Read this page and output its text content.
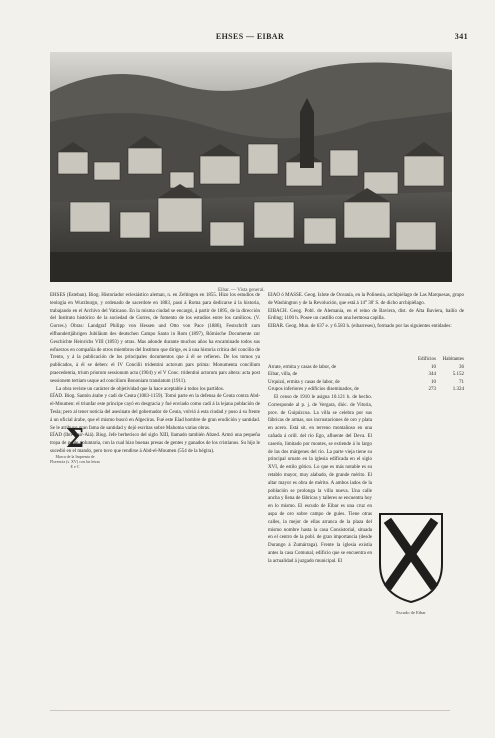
EHSES — EIBAR	341
Eibar. — Vista general.

EHSES (Esteban). Biog. Historiador eclesiástico aleman, n. en Zeltingen en 1855. Hizo los estudios de teología en Wurzburgo, y ordenado de sacerdote en 1883, pasó á Roma para dedicarse á la historia, trabajando en el Archivo del Vaticano. En la misma ciudad se encargó, á partir de 1895, de la dirección del Instituto histórico de la sociedad de Gorres, de fomento de los estudios entre los católicos. (V. Gorres.) Obras: Landgraf Philipp von Hessen und Otto von Pace (1886), Festschrift zum elfhundertjährigen Jubiläum des deutschen Campo Santo in Rom (1897), Römische Documente zur Geschichte Heinrichs VIII (1893) y otras. Mas adonde durante muchos años ha encaminado todos sus esfuerzos en compañía de otros miembros del Instituto que dirige, es á una historia crítica del concilio de Trento, y á la publicación de los principales documentos que á él se refieren. De los tomos ya publicados, á él se deben: el IV Concilii tridentini actorum pars prima: Monumenta concilium praecedentia, trium priorum sessionum acta (1904) y el V Conc. tridentini actorum pars altera: acta post sessionem tertiam usque ad concilium Bononiam translatum (1911).

La obra reviste un carácter de objetividad que la hace aceptable á todos los partidos.

EÍAD. Biog. Santón árabe y cadí de Ceuta (1083-1159). Tomó parte en la defensa de Ceuta contra Abd-el-Moumen: el triunfar este príncipe cayó en desgracia y fué enviado como cadí á la lejana población de Tesla; pero al tener noticia del asesinato del gobernador de Ceuta, volvió á esta ciudad y puso á su frente á un oficial árabe, que el mismo buscó en Algeciras. Fué este Eíad hombre de gran erudición y santidad. Se le atribuye gran fama de santidad y dejó escritas sobre Mahoma varias obras.

EÍAD (Ibn-Nasr-Aiá). Biog. Jefe berberisco del siglo XIII, llamado también Abzed. Armó una pequeña tropa de gente voluntaria, con la cual hizo buenas presas de gentes y ganados de los cristianos. Su hijo le sucedió en el mando, pero tuvo que rendirse á Abd-el-Moumen (554 de la hégira).

Σ
Marca de la Imprenta de Florencia (s. XV) con las letras E e C

EIAO ó MASSE. Geog. Islote de Oceanía, en la Polinesia, archipiélago de Las Marquesas, grupo de Washington y de la Revolución, que está á 14° 30' S. de dicho archipiélago.

EIBACH. Geog. Pobl. de Alemania, en el reino de Baviera, dist. de Alta Baviera, bailío de Erding; 1100 h. Posee un castillo con una hermosa capilla.

EIBAR. Geog. Mun. de 637 e. y 6.583 h. (eibarreses), formado por las siguientes entidades:

	Edificios	Habitantes
Arrate, ermita y casas de labor, de	10	36
Eibar, villa, de	344	5.152
Urquizú, ermita y casas de labor, de	10	71
Grupos inferiores y edificios diseminados, de	273	1.324

El censo de 1910 le asigna 10.121 h. de hecho. Corresponde al p. j. de Vergara, dióc. de Vitoria, prov. de Guipúzcoa. La villa se celebra por sus fábricas de armas, sus incrustaciones de oro y plata en acero. Está sit. en terreno montañoso en una cañada á orill. del río Ego, afluente del Deva. El caserío, limitado por montes, se extiende á lo largo de las dos márgenes del río. La parte vieja tiene su principal ornato en la iglesia edificada en el siglo XVI, de estilo gótico. Lo que es más notable es su retablo mayor, muy alabado, de grande mérito. El altar mayor es obra de mérito. A ambos lados de la población se prolonga la villa nueva. Una calle ancha y llena de fábricas y talleres se encuentra hoy en lo mismo. El escudo de Eibar es una cruz en aspa de oro sobre campo de gules. Tiene otras calles, la mejor de ellas arranca de la plaza del mismo nombre hasta la casa Consistorial, situada en el centro de la pobl. de gran importancia (desde Durango á Zumárraga). Frente la iglesia existía antes la casa Comunal, edificio que se encuentra en la actualidad á juzgado municipal. El

Escudo de Eibar
